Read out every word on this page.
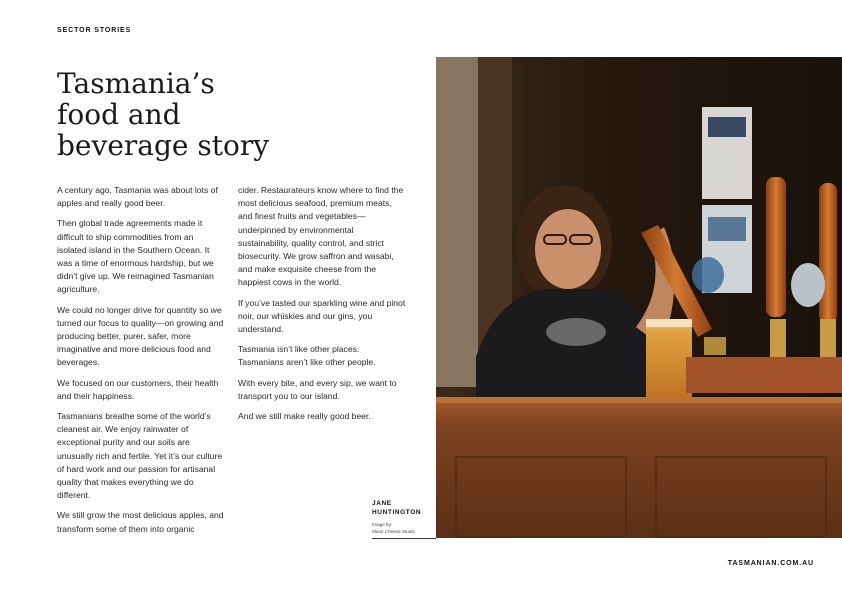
SECTOR STORIES
Tasmania’s
food and
beverage story

A century ago, Tasmania was about lots of apples and really good beer.

Then global trade agreements made it difficult to ship commodities from an isolated island in the Southern Ocean. It was a time of enormous hardship, but we didn’t give up. We reimagined Tasmanian agriculture.

We could no longer drive for quantity so we turned our focus to quality—on growing and producing better, purer, safer, more imaginative and more delicious food and beverages.

We focused on our customers, their health and their happiness.

Tasmanians breathe some of the world’s cleanest air. We enjoy rainwater of exceptional purity and our soils are unusually rich and fertile. Yet it’s our culture of hard work and our passion for artisanal quality that makes everything we do different.

We still grow the most delicious apples, and transform some of them into organic

cider. Restaurateurs know where to find the most delicious seafood, premium meats, and finest fruits and vegetables—underpinned by environmental sustainability, quality control, and strict biosecurity. We grow saffron and wasabi, and make exquisite cheese from the happiest cows in the world.

If you’ve tasted our sparkling wine and pinot noir, our whiskies and our gins, you understand.

Tasmania isn’t like other places. Tasmanians aren’t like other people.

With every bite, and every sip, we want to transport you to our island.

And we still make really good beer.

JANE
HUNTINGTON
Image by:
Moon Cheese Studio
TASMANIAN.COM.AU
